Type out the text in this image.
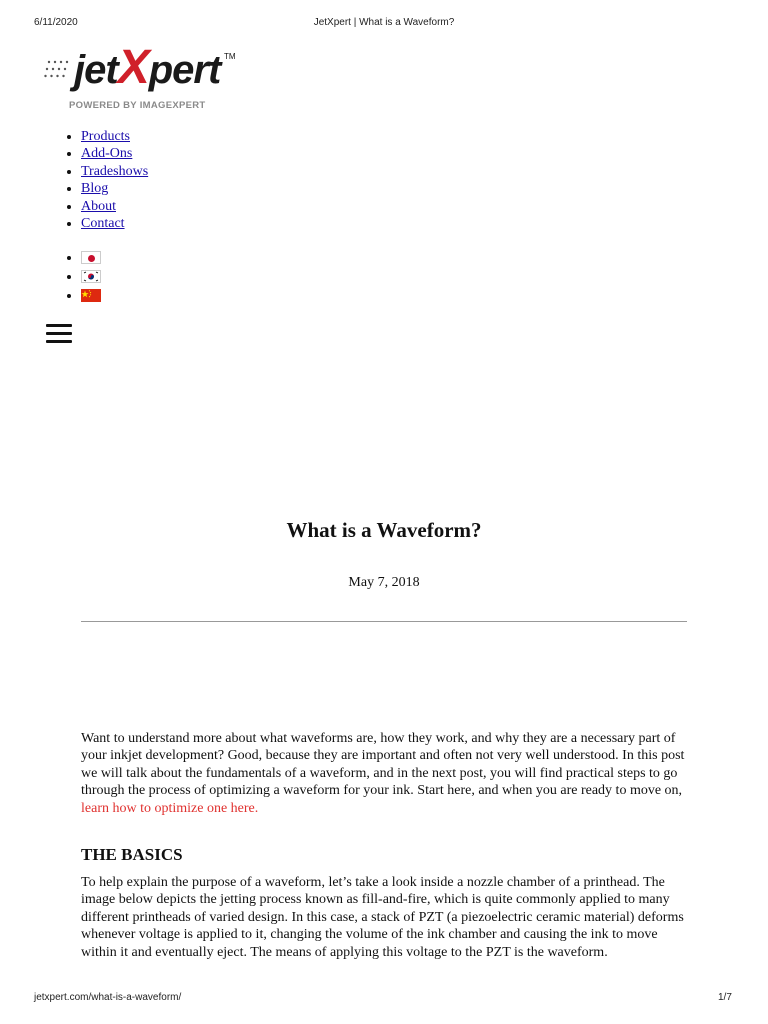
6/11/2020	JetXpert | What is a Waveform?
jetXpert TM
POWERED BY IMAGEXPERT
• Products
• Add-Ons
• Tradeshows
• Blog
• About
• Contact
•
•
•
What is a Waveform?
May 7, 2018

Want to understand more about what waveforms are, how they work, and why they are a necessary part of your inkjet development? Good, because they are important and often not very well understood. In this post we will talk about the fundamentals of a waveform, and in the next post, you will find practical steps to go through the process of optimizing a waveform for your ink. Start here, and when you are ready to move on, learn how to optimize one here.

THE BASICS

To help explain the purpose of a waveform, let’s take a look inside a nozzle chamber of a printhead. The image below depicts the jetting process known as fill-and-fire, which is quite commonly applied to many different printheads of varied design. In this case, a stack of PZT (a piezoelectric ceramic material) deforms whenever voltage is applied to it, changing the volume of the ink chamber and causing the ink to move within it and eventually eject. The means of applying this voltage to the PZT is the waveform.

jetxpert.com/what-is-a-waveform/	1/7
